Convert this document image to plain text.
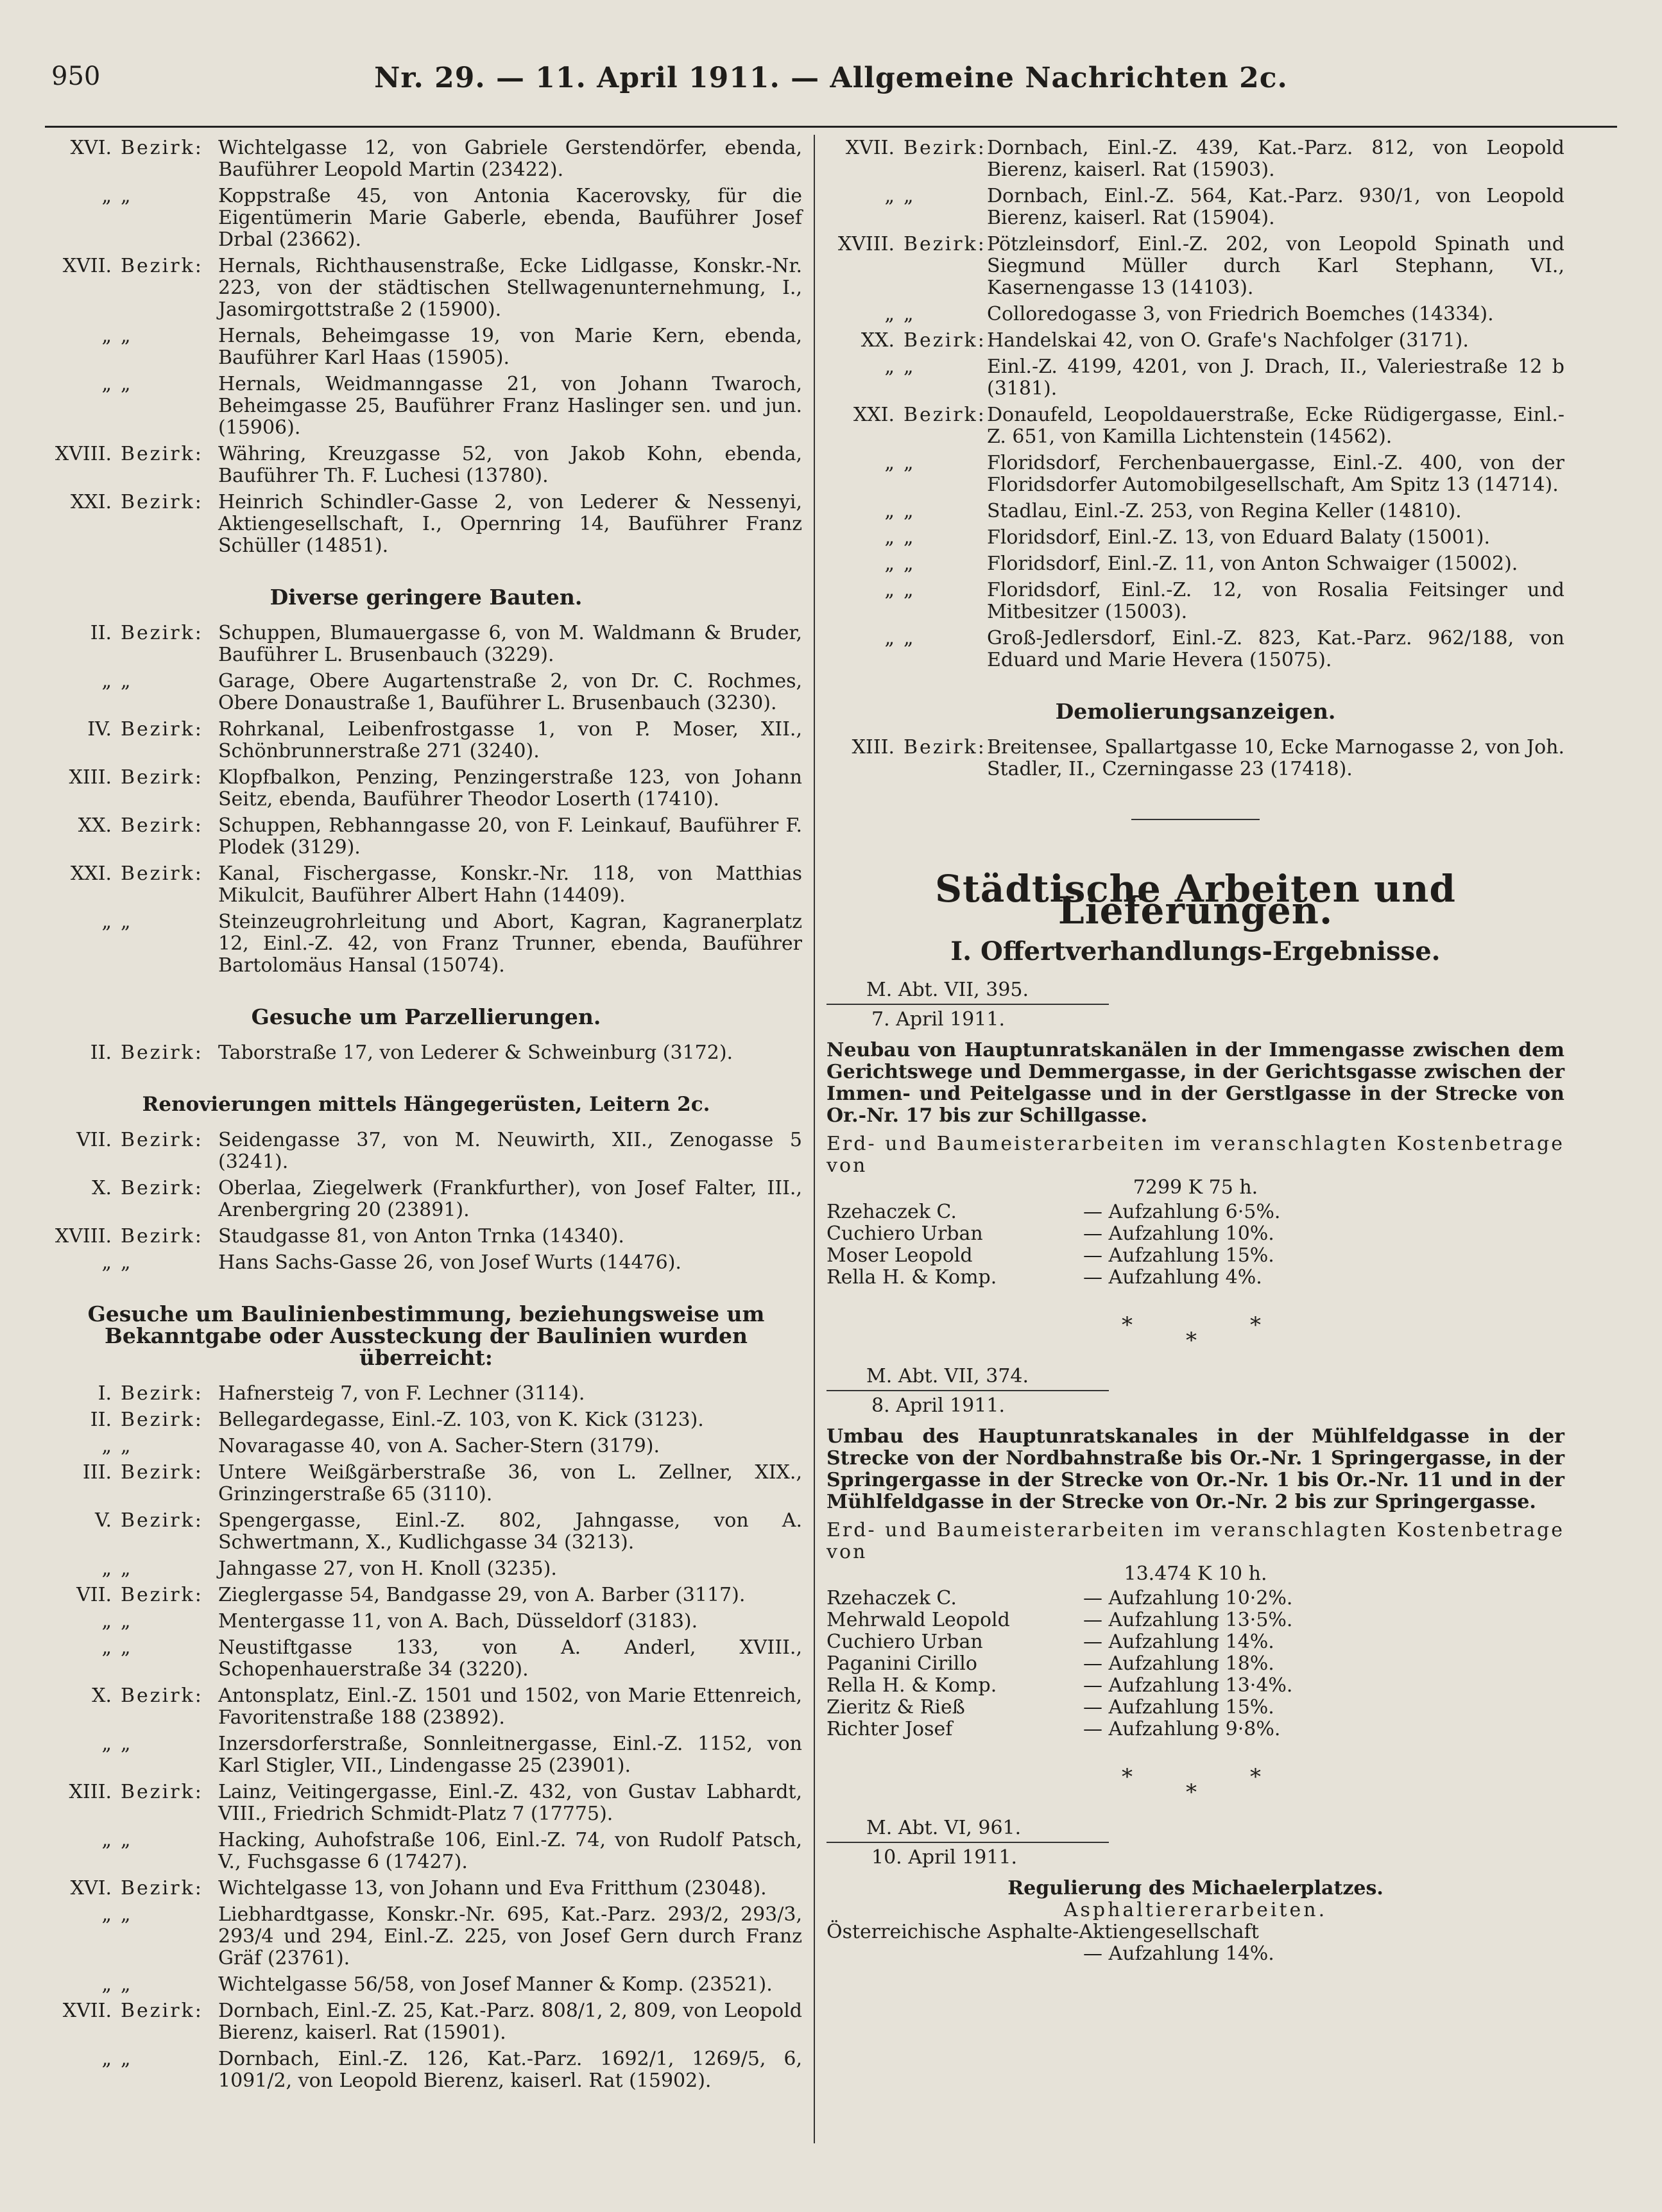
950	Nr. 29. — 11. April 1911. — Allgemeine Nachrichten 2c.
XVI. Bezirk: Wichtelgasse 12, von Gabriele Gerstendörfer, ebenda, Bauführer Leopold Martin (23422).
„ „	Koppstraße 45, von Antonia Kacerovsky, für die Eigentümerin Marie Gaberle, ebenda, Bauführer Josef Drbal (23662).
XVII. Bezirk: Hernals, Richthausenstraße, Ecke Lidlgasse, Konskr.-Nr. 223, von der städtischen Stellwagenunternehmung, I., Jasomirgottstraße 2 (15900).
„ „	Hernals, Beheimgasse 19, von Marie Kern, ebenda, Bauführer Karl Haas (15905).
„ „	Hernals, Weidmanngasse 21, von Johann Twaroch, Beheimgasse 25, Bauführer Franz Haslinger sen. und jun. (15906).
XVIII. Bezirk: Währing, Kreuzgasse 52, von Jakob Kohn, ebenda, Bauführer Th. F. Luchesi (13780).
XXI. Bezirk: Heinrich Schindler-Gasse 2, von Lederer & Nessenyi, Aktiengesellschaft, I., Opernring 14, Bauführer Franz Schüller (14851).
Diverse geringere Bauten.
II. Bezirk: Schuppen, Blumauergasse 6, von M. Waldmann & Bruder, Bauführer L. Brusenbauch (3229).
„ „	Garage, Obere Augartenstraße 2, von Dr. C. Rochmes, Obere Donaustraße 1, Bauführer L. Brusenbauch (3230).
IV. Bezirk: Rohrkanal, Leibenfrostgasse 1, von P. Moser, XII., Schönbrunnerstraße 271 (3240).
XIII. Bezirk: Klopfbalkon, Penzing, Penzingerstraße 123, von Johann Seitz, ebenda, Bauführer Theodor Loserth (17410).
XX. Bezirk: Schuppen, Rebhanngasse 20, von F. Leinkauf, Bauführer F. Plodek (3129).
XXI. Bezirk: Kanal, Fischergasse, Konskr.-Nr. 118, von Matthias Mikulcit, Bauführer Albert Hahn (14409).
„ „	Steinzeugrohrleitung und Abort, Kagran, Kagranerplatz 12, Einl.-Z. 42, von Franz Trunner, ebenda, Bauführer Bartolomäus Hansal (15074).
Gesuche um Parzellierungen.
II. Bezirk: Taborstraße 17, von Lederer & Schweinburg (3172).
Renovierungen mittels Hängegerüsten, Leitern 2c.
VII. Bezirk: Seidengasse 37, von M. Neuwirth, XII., Zenogasse 5 (3241).
X. Bezirk: Oberlaa, Ziegelwerk (Frankfurther), von Josef Falter, III., Arenbergring 20 (23891).
XVIII. Bezirk: Staudgasse 81, von Anton Trnka (14340).
„ „	Hans Sachs-Gasse 26, von Josef Wurts (14476).
Gesuche um Baulinienbestimmung, beziehungsweise um Bekanntgabe oder Aussteckung der Baulinien wurden überreicht:
I. Bezirk: Hafnersteig 7, von F. Lechner (3114).
II. Bezirk: Bellegardegasse, Einl.-Z. 103, von K. Kick (3123).
„ „	Novaragasse 40, von A. Sacher-Stern (3179).
III. Bezirk: Untere Weißgärberstraße 36, von L. Zellner, XIX., Grinzingerstraße 65 (3110).
V. Bezirk: Spengergasse, Einl.-Z. 802, Jahngasse, von A. Schwertmann, X., Kudlichgasse 34 (3213).
„ „	Jahngasse 27, von H. Knoll (3235).
VII. Bezirk: Zieglergasse 54, Bandgasse 29, von A. Barber (3117).
„ „	Mentergasse 11, von A. Bach, Düsseldorf (3183).
„ „	Neustiftgasse 133, von A. Anderl, XVIII., Schopenhauerstraße 34 (3220).
X. Bezirk: Antonsplatz, Einl.-Z. 1501 und 1502, von Marie Ettenreich, Favoritenstraße 188 (23892).
„ „	Inzersdorferstraße, Sonnleitnergasse, Einl.-Z. 1152, von Karl Stigler, VII., Lindengasse 25 (23901).
XIII. Bezirk: Lainz, Veitingergasse, Einl.-Z. 432, von Gustav Labhardt, VIII., Friedrich Schmidt-Platz 7 (17775).
„ „	Hacking, Auhofstraße 106, Einl.-Z. 74, von Rudolf Patsch, V., Fuchsgasse 6 (17427).
XVI. Bezirk: Wichtelgasse 13, von Johann und Eva Fritthum (23048).
„ „	Liebhardtgasse, Konskr.-Nr. 695, Kat.-Parz. 293/2, 293/3, 293/4 und 294, Einl.-Z. 225, von Josef Gern durch Franz Gräf (23761).
„ „	Wichtelgasse 56/58, von Josef Manner & Komp. (23521).
XVII. Bezirk: Dornbach, Einl.-Z. 25, Kat.-Parz. 808/1, 2, 809, von Leopold Bierenz, kaiserl. Rat (15901).
„ „	Dornbach, Einl.-Z. 126, Kat.-Parz. 1692/1, 1269/5, 6, 1091/2, von Leopold Bierenz, kaiserl. Rat (15902).
XVII. Bezirk: Dornbach, Einl.-Z. 439, Kat.-Parz. 812, von Leopold Bierenz, kaiserl. Rat (15903).
„ „	Dornbach, Einl.-Z. 564, Kat.-Parz. 930/1, von Leopold Bierenz, kaiserl. Rat (15904).
XVIII. Bezirk: Pötzleinsdorf, Einl.-Z. 202, von Leopold Spinath und Siegmund Müller durch Karl Stephann, VI., Kasernengasse 13 (14103).
„ „	Colloredogasse 3, von Friedrich Boemches (14334).
XX. Bezirk: Handelskai 42, von O. Grafe's Nachfolger (3171).
„ „	Einl.-Z. 4199, 4201, von J. Drach, II., Valeriestraße 12 b (3181).
XXI. Bezirk: Donaufeld, Leopoldauerstraße, Ecke Rüdigergasse, Einl.-Z. 651, von Kamilla Lichtenstein (14562).
„ „	Floridsdorf, Ferchenbauergasse, Einl.-Z. 400, von der Floridsdorfer Automobilgesellschaft, Am Spitz 13 (14714).
„ „	Stadlau, Einl.-Z. 253, von Regina Keller (14810).
„ „	Floridsdorf, Einl.-Z. 13, von Eduard Balaty (15001).
„ „	Floridsdorf, Einl.-Z. 11, von Anton Schwaiger (15002).
„ „	Floridsdorf, Einl.-Z. 12, von Rosalia Feitsinger und Mitbesitzer (15003).
„ „	Groß-Jedlersdorf, Einl.-Z. 823, Kat.-Parz. 962/188, von Eduard und Marie Hevera (15075).
Demolierungsanzeigen.
XIII. Bezirk: Breitensee, Spallartgasse 10, Ecke Marnogasse 2, von Joh. Stadler, II., Czerningasse 23 (17418).
Städtische Arbeiten und Lieferungen.
I. Offertverhandlungs-Ergebnisse.
M. Abt. VII, 395.
7. April 1911.
Neubau von Hauptunratskanälen in der Immengasse zwischen dem Gerichtswege und Demmergasse, in der Gerichtsgasse zwischen der Immen- und Peitelgasse und in der Gerstlgasse in der Strecke von Or.-Nr. 17 bis zur Schillgasse.
Erd- und Baumeisterarbeiten im veranschlagten Kostenbetrage von
7299 K 75 h.
Rzehaczek C.	— Aufzahlung 6·5%.
Cuchiero Urban	— Aufzahlung 10%.
Moser Leopold	— Aufzahlung 15%.
Rella H. & Komp.	— Aufzahlung 4%.
*
*
*
M. Abt. VII, 374.
8. April 1911.
Umbau des Hauptunratskanales in der Mühlfeldgasse in der Strecke von der Nordbahnstraße bis Or.-Nr. 1 Springergasse, in der Springergasse in der Strecke von Or.-Nr. 1 bis Or.-Nr. 11 und in der Mühlfeldgasse in der Strecke von Or.-Nr. 2 bis zur Springergasse.
Erd- und Baumeisterarbeiten im veranschlagten Kostenbetrage von
13.474 K 10 h.
Rzehaczek C.	— Aufzahlung 10·2%.
Mehrwald Leopold	— Aufzahlung 13·5%.
Cuchiero Urban	— Aufzahlung 14%.
Paganini Cirillo	— Aufzahlung 18%.
Rella H. & Komp.	— Aufzahlung 13·4%.
Zieritz & Rieß	— Aufzahlung 15%.
Richter Josef	— Aufzahlung 9·8%.
*
*
*
M. Abt. VI, 961.
10. April 1911.
Regulierung des Michaelerplatzes.
Asphaltiererarbeiten.
Österreichische Asphalte-Aktiengesellschaft
— Aufzahlung 14%.
